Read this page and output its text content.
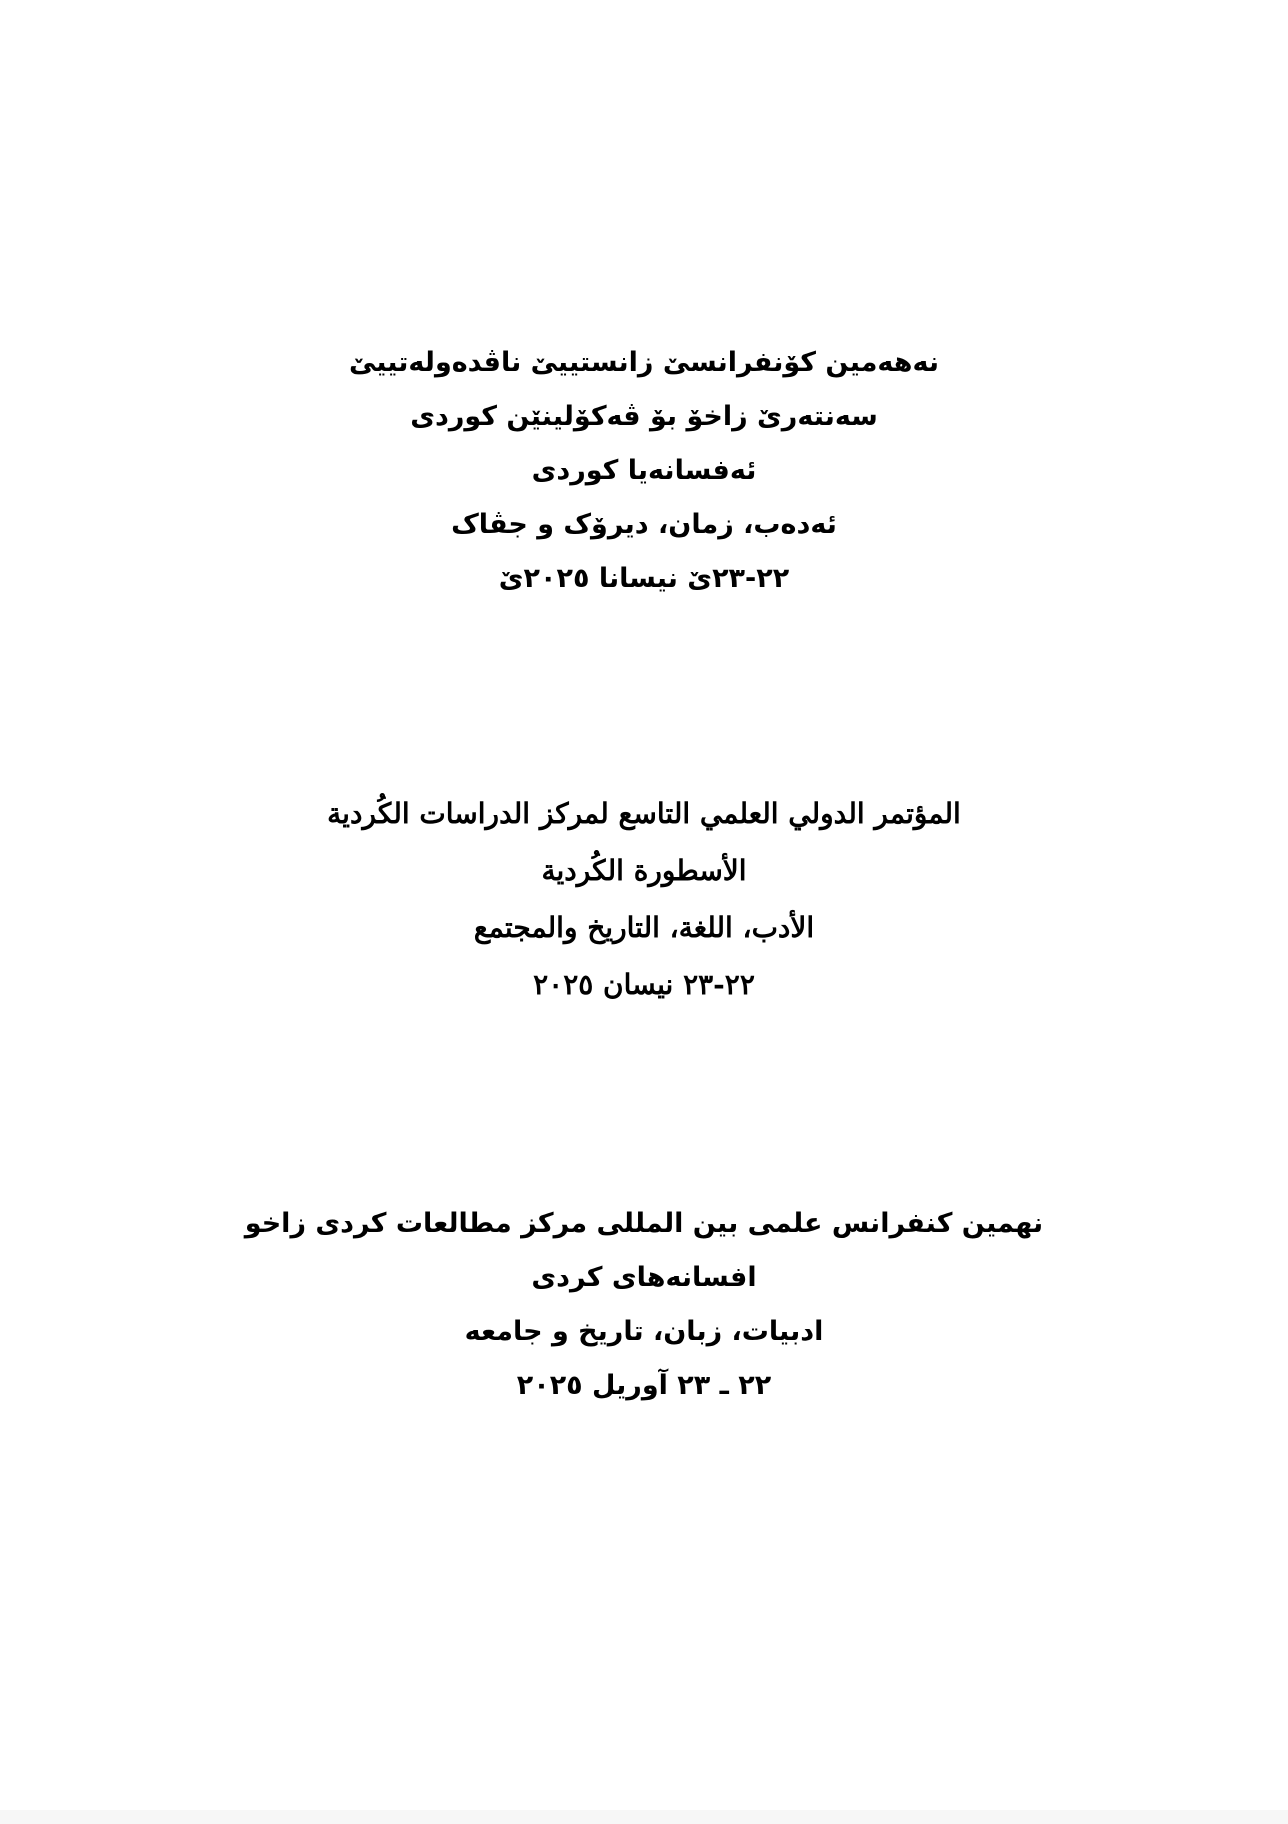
نەهەمین کۆنفرانسێ زانستییێ ناڤدەولەتییێ
سەنتەرێ زاخۆ بۆ ڤەکۆلینێن کوردی
ئەفسانەیا کوردی
ئەدەب، زمان، دیرۆک و جڤاک
٢٢-٢٣ێ نیسانا ٢٠٢٥ێ
المؤتمر الدولي العلمي التاسع لمركز الدراسات الكُردية
الأسطورة الكُردية
الأدب، اللغة، التاريخ والمجتمع
٢٢-٢٣ نيسان ٢٠٢٥
نهمین کنفرانس علمی بین المللی مرکز مطالعات کردی زاخو
افسانه‌های کردی
ادبیات، زبان، تاریخ و جامعه
٢٢ ـ ٢٣ آوریل ٢٠٢٥
